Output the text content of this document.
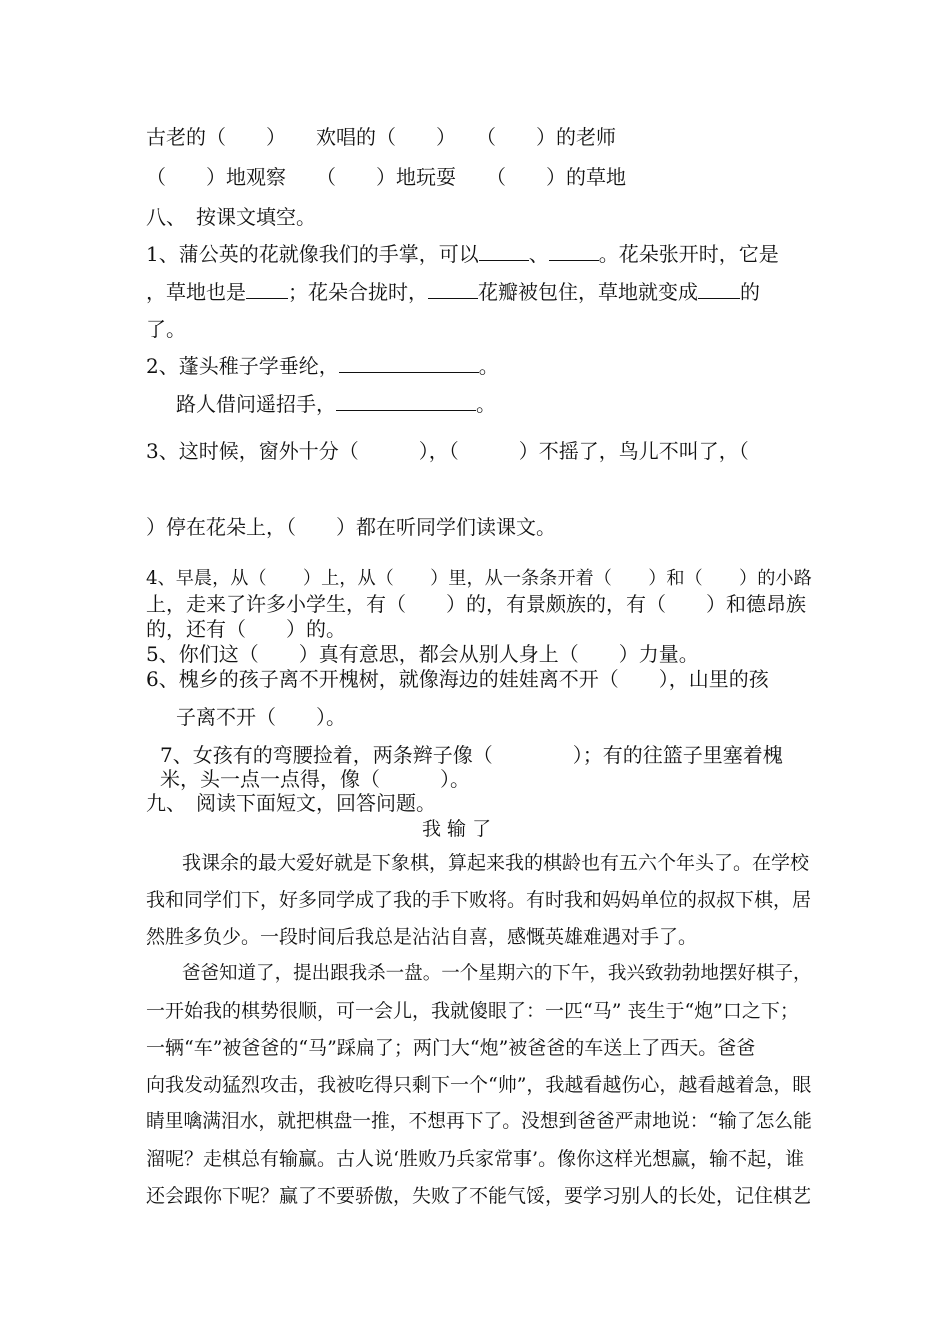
古老的（　　）　　欢唱的（　　）　　（　　）的老师
（　　）地观察　　（　　）地玩耍　　（　　）的草地
八、　按课文填空。
1、蒲公英的花就像我们的手掌，可以	、	。花朵张开时，它是
，草地也是 ；花朵合拢时，	花瓣被包住，草地就变成 的
了。
2、蓬头稚子学垂纶，	。
路人借问遥招手，	。
3、这时候，窗外十分（　　　），（　　　）不摇了，鸟儿不叫了，（
）停在花朵上，（　　）都在听同学们读课文。
4、早晨，从（　　）上，从（　　）里，从一条条开着（　　）和（　　）的小路
上，走来了许多小学生，有（　　）的，有景颇族的，有（　　）和德昂族
的，还有（　　）的。
5、你们这（　　）真有意思，都会从别人身上（　　）力量。
6、槐乡的孩子离不开槐树，就像海边的娃娃离不开（　　），山里的孩
子离不开（　　）。
7、女孩有的弯腰捡着，两条辫子像（　　　　）；有的往篮子里塞着槐
米，头一点一点得，像（　　　）。
九、　阅读下面短文，回答问题。
我 输 了
我课余的最大爱好就是下象棋，算起来我的棋龄也有五六个年头了。在学校
我和同学们下，好多同学成了我的手下败将。有时我和妈妈单位的叔叔下棋，居
然胜多负少。一段时间后我总是沾沾自喜，感慨英雄难遇对手了。
爸爸知道了，提出跟我杀一盘。一个星期六的下午，我兴致勃勃地摆好棋子，
一开始我的棋势很顺，可一会儿，我就傻眼了：一匹“马” 丧生于“炮”口之下；
一辆“车”被爸爸的“马”踩扁了；两门大“炮”被爸爸的车送上了西天。爸爸
向我发动猛烈攻击，我被吃得只剩下一个“帅”，我越看越伤心，越看越着急，眼
睛里噙满泪水，就把棋盘一推，不想再下了。没想到爸爸严肃地说：“输了怎么能
溜呢？走棋总有输赢。古人说‘胜败乃兵家常事’。像你这样光想赢，输不起，谁
还会跟你下呢？赢了不要骄傲，失败了不能气馁，要学习别人的长处，记住棋艺
